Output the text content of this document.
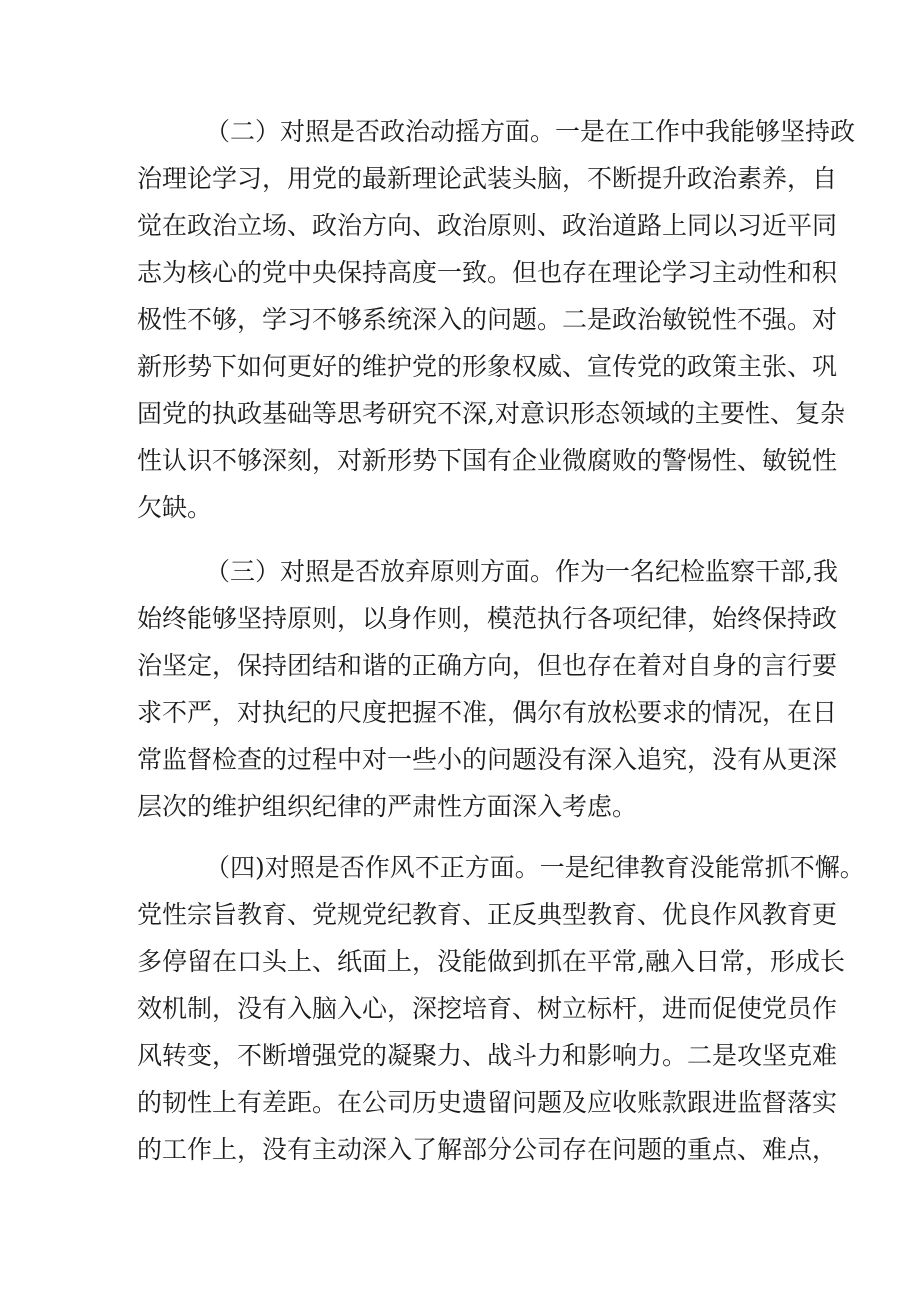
（二）对照是否政治动摇方面。一是在工作中我能够坚持政
治理论学习，用党的最新理论武装头脑，不断提升政治素养，自
觉在政治立场、政治方向、政治原则、政治道路上同以习近平同
志为核心的党中央保持高度一致。但也存在理论学习主动性和积
极性不够，学习不够系统深入的问题。二是政治敏锐性不强。对
新形势下如何更好的维护党的形象权威、宣传党的政策主张、巩
固党的执政基础等思考研究不深,对意识形态领域的主要性、复杂
性认识不够深刻，对新形势下国有企业微腐败的警惕性、敏锐性
欠缺。
（三）对照是否放弃原则方面。作为一名纪检监察干部,我
始终能够坚持原则，以身作则，模范执行各项纪律，始终保持政
治坚定，保持团结和谐的正确方向，但也存在着对自身的言行要
求不严，对执纪的尺度把握不准，偶尔有放松要求的情况，在日
常监督检查的过程中对一些小的问题没有深入追究，没有从更深
层次的维护组织纪律的严肃性方面深入考虑。
（四)对照是否作风不正方面。一是纪律教育没能常抓不懈。
党性宗旨教育、党规党纪教育、正反典型教育、优良作风教育更
多停留在口头上、纸面上，没能做到抓在平常,融入日常，形成长
效机制，没有入脑入心，深挖培育、树立标杆，进而促使党员作
风转变，不断增强党的凝聚力、战斗力和影响力。二是攻坚克难
的韧性上有差距。在公司历史遗留问题及应收账款跟进监督落实
的工作上，没有主动深入了解部分公司存在问题的重点、难点，
